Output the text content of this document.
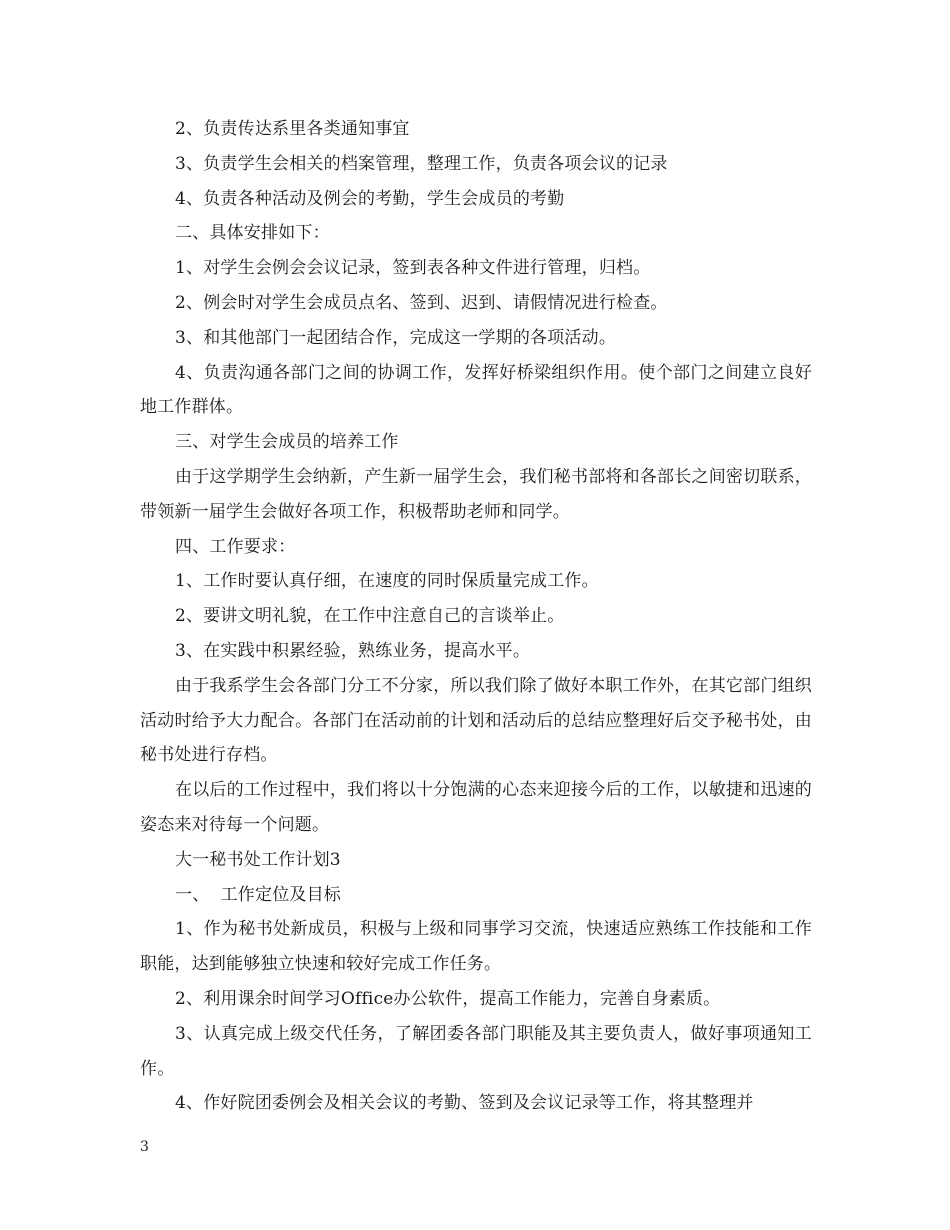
2、负责传达系里各类通知事宜

3、负责学生会相关的档案管理，整理工作，负责各项会议的记录

4、负责各种活动及例会的考勤，学生会成员的考勤

二、具体安排如下：

1、对学生会例会会议记录，签到表各种文件进行管理，归档。

2、例会时对学生会成员点名、签到、迟到、请假情况进行检查。

3、和其他部门一起团结合作，完成这一学期的各项活动。

4、负责沟通各部门之间的协调工作，发挥好桥梁组织作用。使个部门之间建立良好地工作群体。

三、对学生会成员的培养工作

由于这学期学生会纳新，产生新一届学生会，我们秘书部将和各部长之间密切联系，带领新一届学生会做好各项工作，积极帮助老师和同学。

四、工作要求：

1、工作时要认真仔细，在速度的同时保质量完成工作。

2、要讲文明礼貌，在工作中注意自己的言谈举止。

3、在实践中积累经验，熟练业务，提高水平。

由于我系学生会各部门分工不分家，所以我们除了做好本职工作外，在其它部门组织活动时给予大力配合。各部门在活动前的计划和活动后的总结应整理好后交予秘书处，由秘书处进行存档。

在以后的工作过程中，我们将以十分饱满的心态来迎接今后的工作，以敏捷和迅速的姿态来对待每一个问题。

大一秘书处工作计划3

一、  工作定位及目标

1、作为秘书处新成员，积极与上级和同事学习交流，快速适应熟练工作技能和工作职能，达到能够独立快速和较好完成工作任务。

2、利用课余时间学习Office办公软件，提高工作能力，完善自身素质。

3、认真完成上级交代任务，了解团委各部门职能及其主要负责人，做好事项通知工作。

4、作好院团委例会及相关会议的考勤、签到及会议记录等工作，将其整理并

3
